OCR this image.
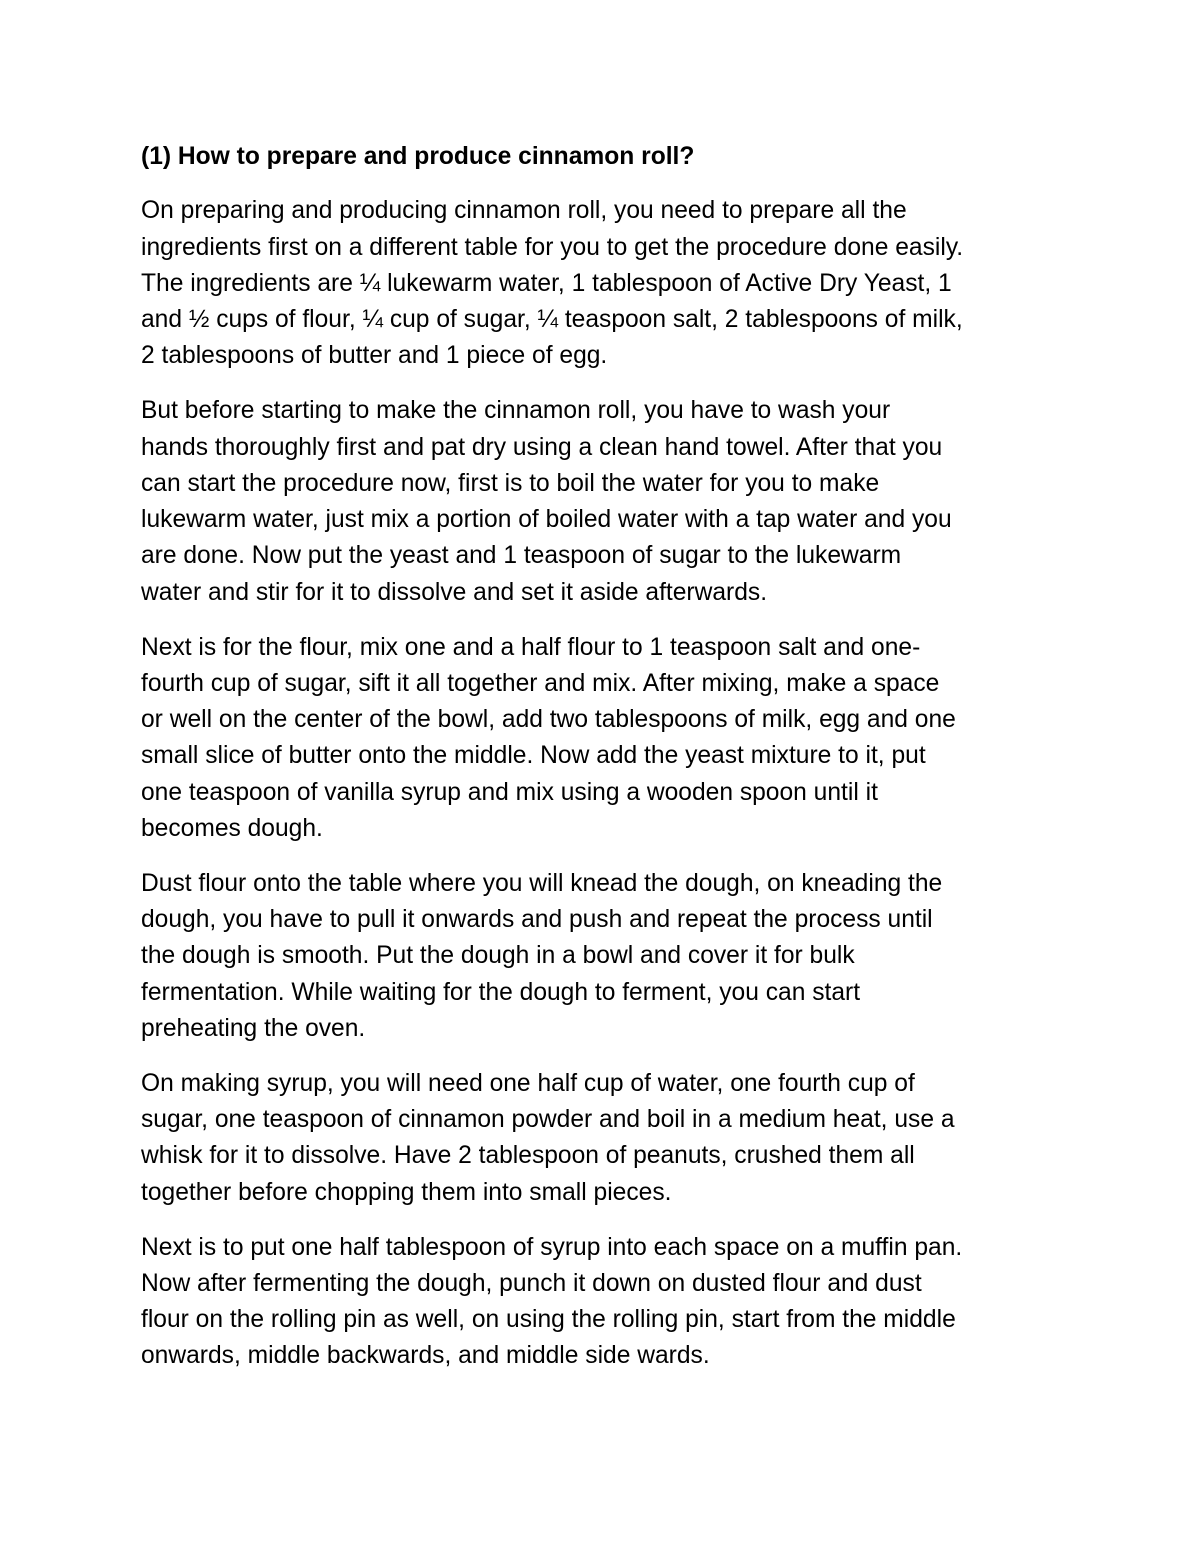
(1) How to prepare and produce cinnamon roll?
On preparing and producing cinnamon roll, you need to prepare all the
ingredients first on a different table for you to get the procedure done easily.
The ingredients are ¼ lukewarm water, 1 tablespoon of Active Dry Yeast, 1
and ½ cups of flour, ¼ cup of sugar, ¼ teaspoon salt, 2 tablespoons of milk,
2 tablespoons of butter and 1 piece of egg.
But before starting to make the cinnamon roll, you have to wash your
hands thoroughly first and pat dry using a clean hand towel. After that you
can start the procedure now, first is to boil the water for you to make
lukewarm water, just mix a portion of boiled water with a tap water and you
are done. Now put the yeast and 1 teaspoon of sugar to the lukewarm
water and stir for it to dissolve and set it aside afterwards.
Next is for the flour, mix one and a half flour to 1 teaspoon salt and one-
fourth cup of sugar, sift it all together and mix. After mixing, make a space
or well on the center of the bowl, add two tablespoons of milk, egg and one
small slice of butter onto the middle. Now add the yeast mixture to it, put
one teaspoon of vanilla syrup and mix using a wooden spoon until it
becomes dough.
Dust flour onto the table where you will knead the dough, on kneading the
dough, you have to pull it onwards and push and repeat the process until
the dough is smooth. Put the dough in a bowl and cover it for bulk
fermentation. While waiting for the dough to ferment, you can start
preheating the oven.
On making syrup, you will need one half cup of water, one fourth cup of
sugar, one teaspoon of cinnamon powder and boil in a medium heat, use a
whisk for it to dissolve. Have 2 tablespoon of peanuts, crushed them all
together before chopping them into small pieces.
Next is to put one half tablespoon of syrup into each space on a muffin pan.
Now after fermenting the dough, punch it down on dusted flour and dust
flour on the rolling pin as well, on using the rolling pin, start from the middle
onwards, middle backwards, and middle side wards.
